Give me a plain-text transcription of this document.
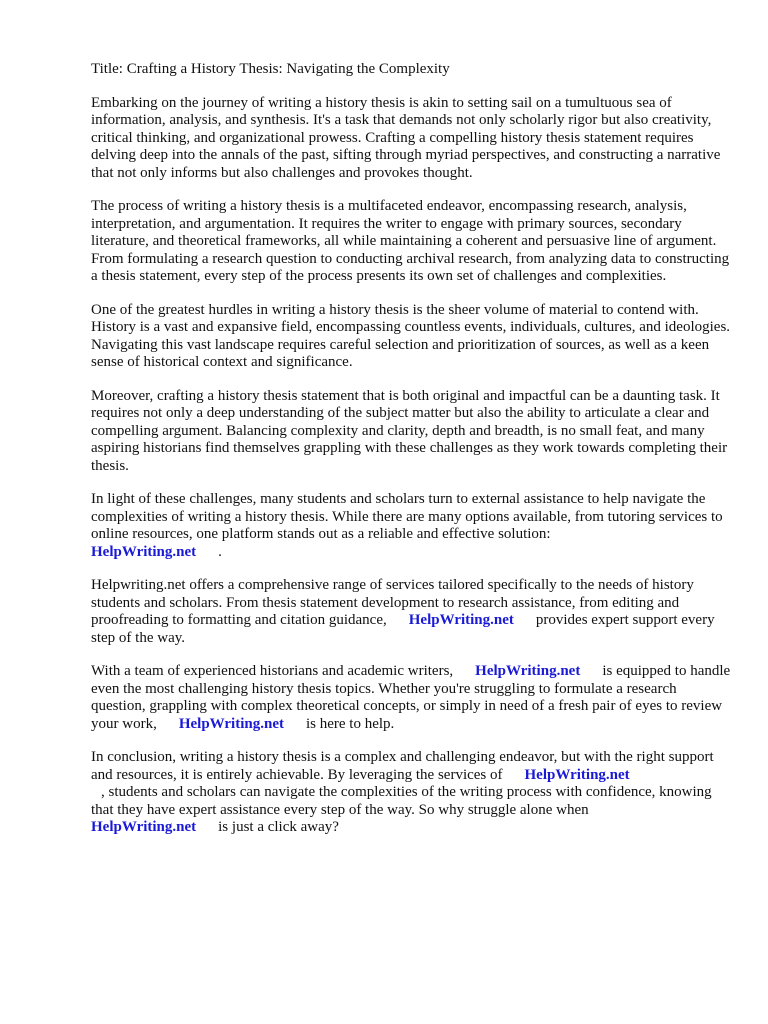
Title: Crafting a History Thesis: Navigating the Complexity

Embarking on the journey of writing a history thesis is akin to setting sail on a tumultuous sea of information, analysis, and synthesis. It's a task that demands not only scholarly rigor but also creativity, critical thinking, and organizational prowess. Crafting a compelling history thesis statement requires delving deep into the annals of the past, sifting through myriad perspectives, and constructing a narrative that not only informs but also challenges and provokes thought.

The process of writing a history thesis is a multifaceted endeavor, encompassing research, analysis, interpretation, and argumentation. It requires the writer to engage with primary sources, secondary literature, and theoretical frameworks, all while maintaining a coherent and persuasive line of argument. From formulating a research question to conducting archival research, from analyzing data to constructing a thesis statement, every step of the process presents its own set of challenges and complexities.

One of the greatest hurdles in writing a history thesis is the sheer volume of material to contend with. History is a vast and expansive field, encompassing countless events, individuals, cultures, and ideologies. Navigating this vast landscape requires careful selection and prioritization of sources, as well as a keen sense of historical context and significance.

Moreover, crafting a history thesis statement that is both original and impactful can be a daunting task. It requires not only a deep understanding of the subject matter but also the ability to articulate a clear and compelling argument. Balancing complexity and clarity, depth and breadth, is no small feat, and many aspiring historians find themselves grappling with these challenges as they work towards completing their thesis.

In light of these challenges, many students and scholars turn to external assistance to help navigate the complexities of writing a history thesis. While there are many options available, from tutoring services to online resources, one platform stands out as a reliable and effective solution:
HelpWriting.net .

Helpwriting.net offers a comprehensive range of services tailored specifically to the needs of history students and scholars. From thesis statement development to research assistance, from editing and proofreading to formatting and citation guidance, HelpWriting.net provides expert support every step of the way.

With a team of experienced historians and academic writers, HelpWriting.net is equipped to handle even the most challenging history thesis topics. Whether you're struggling to formulate a research question, grappling with complex theoretical concepts, or simply in need of a fresh pair of eyes to review your work, HelpWriting.net is here to help.

In conclusion, writing a history thesis is a complex and challenging endeavor, but with the right support and resources, it is entirely achievable. By leveraging the services of HelpWriting.net
, students and scholars can navigate the complexities of the writing process with confidence, knowing that they have expert assistance every step of the way. So why struggle alone when
HelpWriting.net is just a click away?
